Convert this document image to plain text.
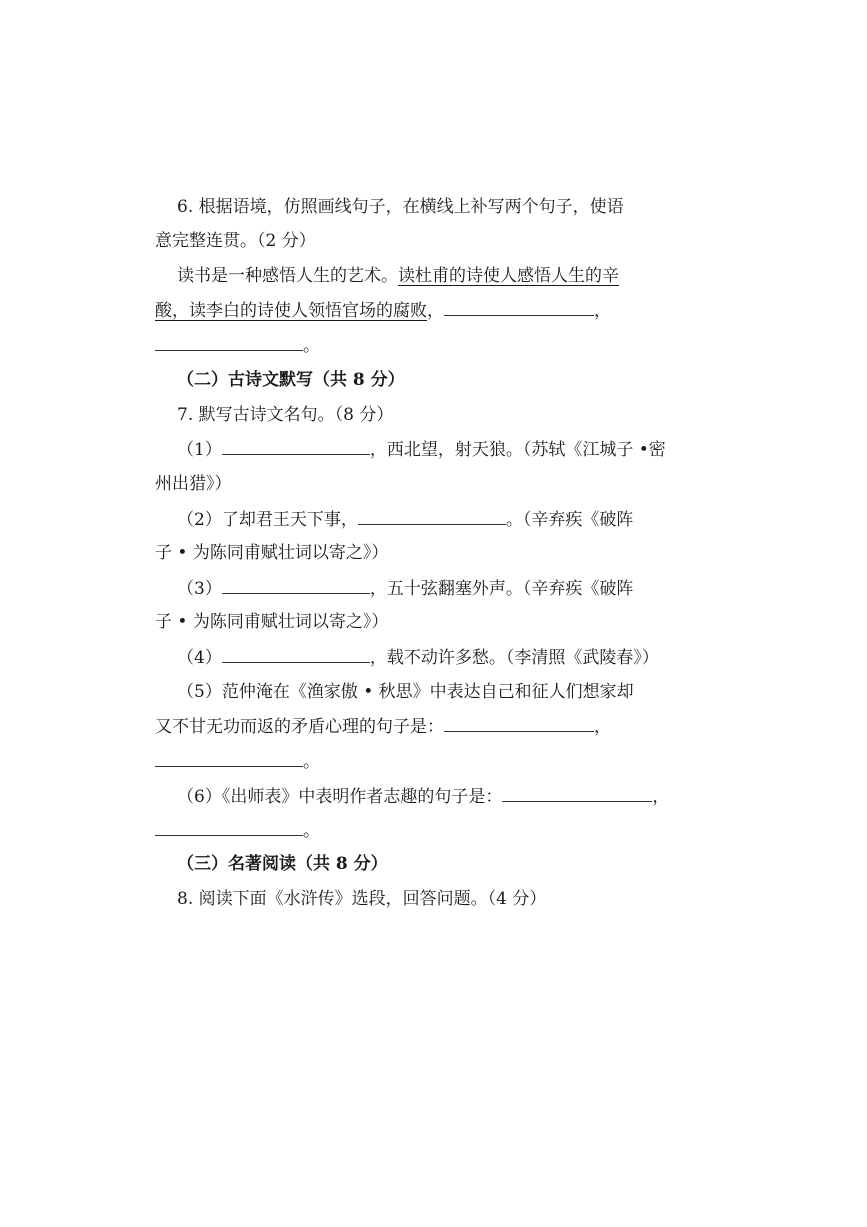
6. 根据语境，仿照画线句子，在横线上补写两个句子，使语
意完整连贯。（2 分）
读书是一种感悟人生的艺术。读杜甫的诗使人感悟人生的辛
酸，读李白的诗使人领悟官场的腐败，	，
。
（二）古诗文默写（共 8 分）
7. 默写古诗文名句。（8 分）
（1）	，西北望，射天狼。（苏轼《江城子 •密
州出猎》）
（2）了却君王天下事，	。（辛弃疾《破阵
子 • 为陈同甫赋壮词以寄之》）
（3）	，五十弦翻塞外声。（辛弃疾《破阵
子 • 为陈同甫赋壮词以寄之》）
（4）	，载不动许多愁。（李清照《武陵春》）
（5）范仲淹在《渔家傲 • 秋思》中表达自己和征人们想家却
又不甘无功而返的矛盾心理的句子是：	，
。
（6）《出师表》中表明作者志趣的句子是：	，
。
（三）名著阅读（共 8 分）
8. 阅读下面《水浒传》选段，回答问题。（4 分）
